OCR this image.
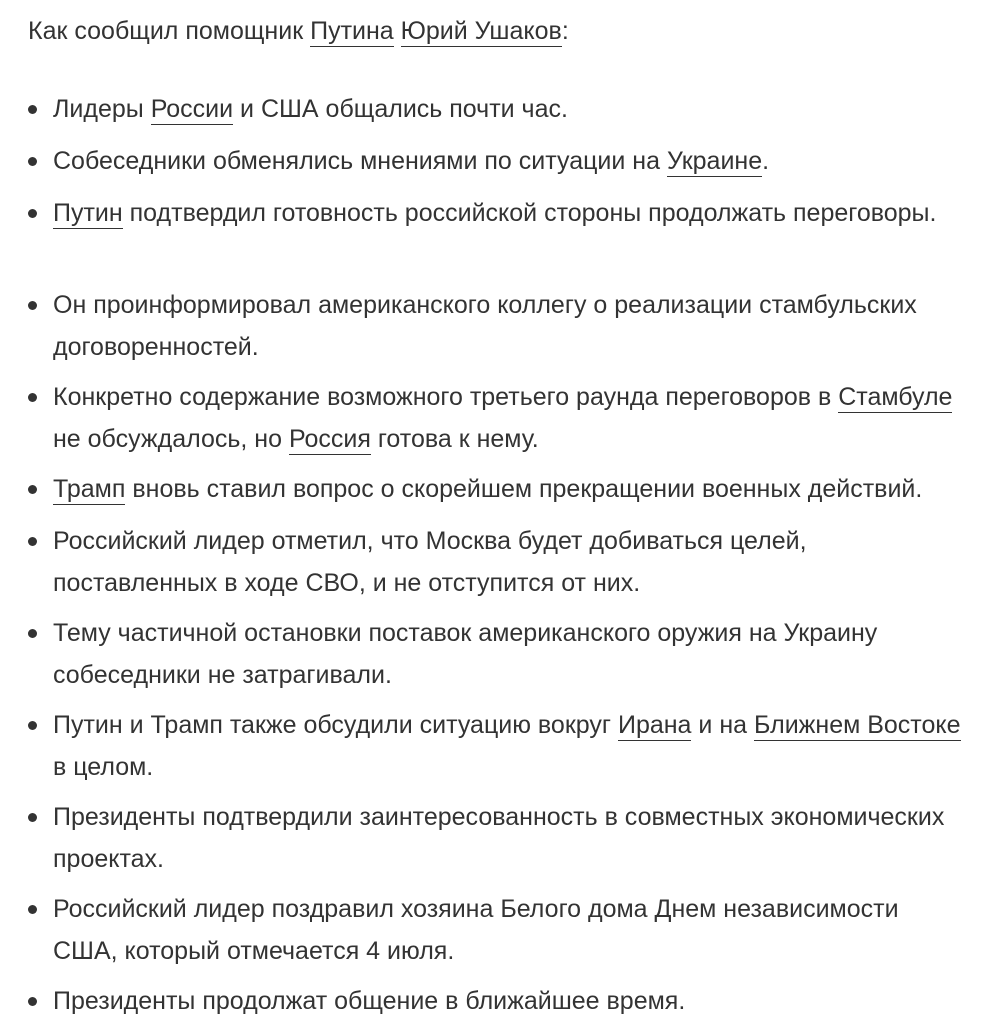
Как сообщил помощник Путина Юрий Ушаков:

Лидеры России и США общались почти час.
Собеседники обменялись мнениями по ситуации на Украине.
Путин подтвердил готовность российской стороны продолжать переговоры.
Он проинформировал американского коллегу о реализации стамбульских договоренностей.
Конкретно содержание возможного третьего раунда переговоров в Стамбуле не обсуждалось, но Россия готова к нему.
Трамп вновь ставил вопрос о скорейшем прекращении военных действий.
Российский лидер отметил, что Москва будет добиваться целей, поставленных в ходе СВО, и не отступится от них.
Тему частичной остановки поставок американского оружия на Украину собеседники не затрагивали.
Путин и Трамп также обсудили ситуацию вокруг Ирана и на Ближнем Востоке в целом.
Президенты подтвердили заинтересованность в совместных экономических проектах.
Российский лидер поздравил хозяина Белого дома Днем независимости США, который отмечается 4 июля.
Президенты продолжат общение в ближайшее время.
